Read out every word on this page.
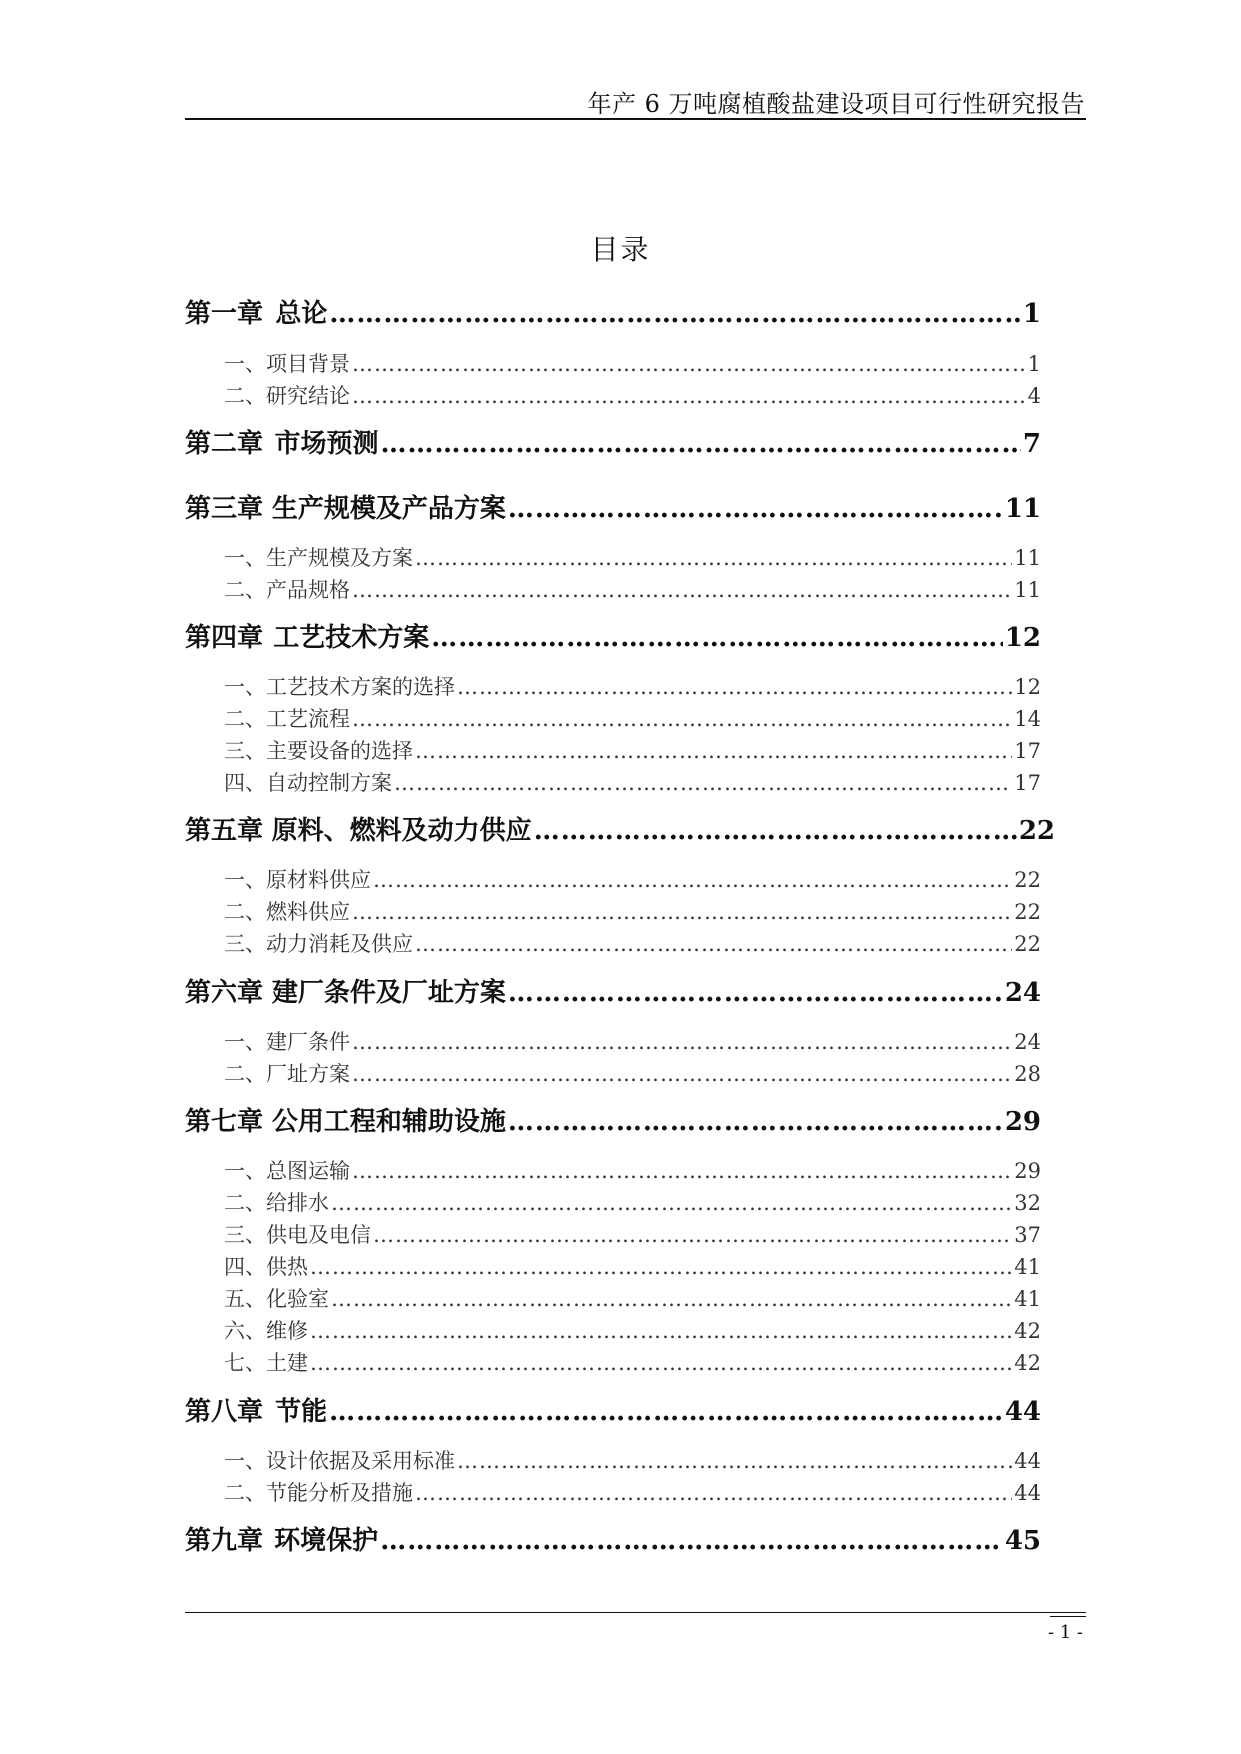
年产 6 万吨腐植酸盐建设项目可行性研究报告
目录
第一章 总论 ……………………………………………………………………………………………………………………………………………………………………	1
一、项目背景 ……………………………………………………………………………………………………………………………………………………………………	1
二、研究结论 ……………………………………………………………………………………………………………………………………………………………………	4
第二章 市场预测 ……………………………………………………………………………………………………………………………………………………………………	7
第三章 生产规模及产品方案 ……………………………………………………………………………………………………………………………………………………………………	11
一、生产规模及方案 ……………………………………………………………………………………………………………………………………………………………………	11
二、产品规格 ……………………………………………………………………………………………………………………………………………………………………	11
第四章 工艺技术方案 ……………………………………………………………………………………………………………………………………………………………………	12
一、工艺技术方案的选择 ……………………………………………………………………………………………………………………………………………………………………	12
二、工艺流程 ……………………………………………………………………………………………………………………………………………………………………	14
三、主要设备的选择 ……………………………………………………………………………………………………………………………………………………………………	17
四、自动控制方案 ……………………………………………………………………………………………………………………………………………………………………	17
第五章 原料、燃料及动力供应 ……………………………………………………………………………………………………………………………………………………………………	22
一、原材料供应 ……………………………………………………………………………………………………………………………………………………………………	22
二、燃料供应 ……………………………………………………………………………………………………………………………………………………………………	22
三、动力消耗及供应 ……………………………………………………………………………………………………………………………………………………………………	22
第六章 建厂条件及厂址方案 ……………………………………………………………………………………………………………………………………………………………………	24
一、建厂条件 ……………………………………………………………………………………………………………………………………………………………………	24
二、厂址方案 ……………………………………………………………………………………………………………………………………………………………………	28
第七章 公用工程和辅助设施 ……………………………………………………………………………………………………………………………………………………………………	29
一、总图运输 ……………………………………………………………………………………………………………………………………………………………………	29
二、给排水 ……………………………………………………………………………………………………………………………………………………………………	32
三、供电及电信 ……………………………………………………………………………………………………………………………………………………………………	37
四、供热 ……………………………………………………………………………………………………………………………………………………………………	41
五、化验室 ……………………………………………………………………………………………………………………………………………………………………	41
六、维修 ……………………………………………………………………………………………………………………………………………………………………	42
七、土建 ……………………………………………………………………………………………………………………………………………………………………	42
第八章 节能 ……………………………………………………………………………………………………………………………………………………………………	44
一、设计依据及采用标准 ……………………………………………………………………………………………………………………………………………………………………	44
二、节能分析及措施 ……………………………………………………………………………………………………………………………………………………………………	44
第九章 环境保护 ……………………………………………………………………………………………………………………………………………………………………	45
- 1 -
